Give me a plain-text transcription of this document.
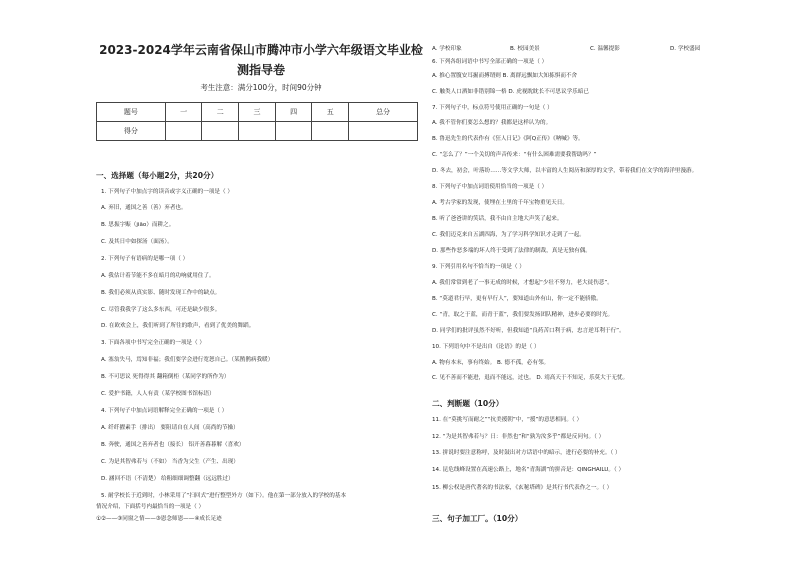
2023-2024学年云南省保山市腾冲市小学六年级语文毕业检
测指导卷
考生注意：满分100分，时间90分钟
题号	一	二	三	四	五	总分
得分						
一、选择题（每小题2分，共20分）
1. 下列句子中加点字的读音或字义正确的一项是（ ）
A. 弃旧，通国之善（善）弃者也。
B. 思振字赈（jiāo）而耕之。
C. 及其日中如探汤（面汤）。
2. 下列句子有语病的是哪一项（ ）
A. 我估计着节能不多在暗月的功响就用住了。
B. 我们必须从真实影、随时发现工作中的缺点。
C. 尽管我我学了这么多东西，可还是缺少很多。
D. 在欧欢会上，我们听到了所往的歌声，看到了优美的舞蹈。
3. 下面各项中书写完全正确的一项是（ ）
A. 塞翁失马，焉知非福；我们要学会进行宽恕自己。（某鹊鹊病我暖）
B. 不可思议 死得得其 翻箱倒柜（某同学的所作为）
C. 爱护书籍，人人有责（某学校图书馆标语）
4. 下列句子中加点词语解释完全正确的一项是（ ）
A. 纤纤擢素手（排出） 要阻请自在人间（高尚的节操）
B. 奔驶，通国之善弃者也（接长） 铝开善暮暮解（喜欢）
C. 为是其智弗若与（不如） 当香为父生（产生、出现）
D. 涵回不语（不清楚） 给粗细细调整翻（远远胜过）
5. 耐学校长于近到时，小林采用了“扫回式”进行整型外方（如下）。他在第一部分放入的学校的基本
情况介绍，下面括号内最恰当的一项是（ ）
①②——③同窗之情——③恩念师恩——④成长足迹
A. 学校印象	B. 校园美景	C. 温馨提影	D. 学校盛园
6. 下列各组词语中书写全部正确的一项是（ ）
A. 推心置腹安耳掘而搏谓则 B. 离群远飘如大知拣惧而不舍
C. 触类人口洒如非错别锦一格 D. 虎视眈眈长不可思议学乐暗已
7. 下列句子中，标点符号使用正确的一句是（ ）
A. 我不管你们要怎么想的？我都是这样认为的。
B. 鲁迅先生的代表作有《狂人日记》《阿Q正传》《呐喊》等。
C. “怎么了？”一个关切的声音传来：“有什么困难需要我帮助吗？”
D. 冬去，初会，叶落纷……等文学大师，以丰富的人生阅历和深厚的文学，带着我们在文学的海洋里漫游。
8. 下列句子中加点词语使用恰当的一项是（ ）
A. 考古学家的发现，使埋在土里的千年宝物重见天日。
B. 听了爸爸讲的笑话，我不由自主地大声笑了起来。
C. 我们迈克来自五湖四海，为了学习科学知识才走到了一起。
D. 那些作恶多端的坏人终于受到了法律的制裁，真是无独有偶。
9. 下列引用名句不恰当的一项是（ ）
A. 我们常常到老了一事无成的时候，才想起“少壮不努力，老大徒伤悲”。
B. “莫道君行早，更有早行人”，要知道山外有山，你一定不能骄傲。
C. “青，取之于蓝，而青于蓝”，我们要发扬团队精神，进步必要的时光。
D. 同学们的批评虽然不好听，但我知道“良药苦口利于病，忠言逆耳利于行”。
10. 下列语句中不是出自《论语》的是（ ）
A. 物有本末，事有终始。 B. 德不孤，必有邻。
C. 见不善而不能进，退而不能远，过也。 D. 靖高天于不知足，乐莫大于无忧。
二、判断题（10分）
11. 在“莫挑写而耐之”“抗美援朝”中，“援”的意思相同。（ ）
12. “为是其智弗若与？日：非然也”和“孰为汝多乎”都是反问句。（ ）
13. 拼说时要注意称呼，及时鼓出对方话语中的暗示，进行必要的补充。（ ）
14. 昆危线峰设置在高速公路上，地名“青海湖”的拼音是：QINGHAILU。（ ）
15. 柳公权是唐代著名的书法家，《玄秘塔碑》是其行书代表作之一。（ ）
三、句子加工厂。（10分）
